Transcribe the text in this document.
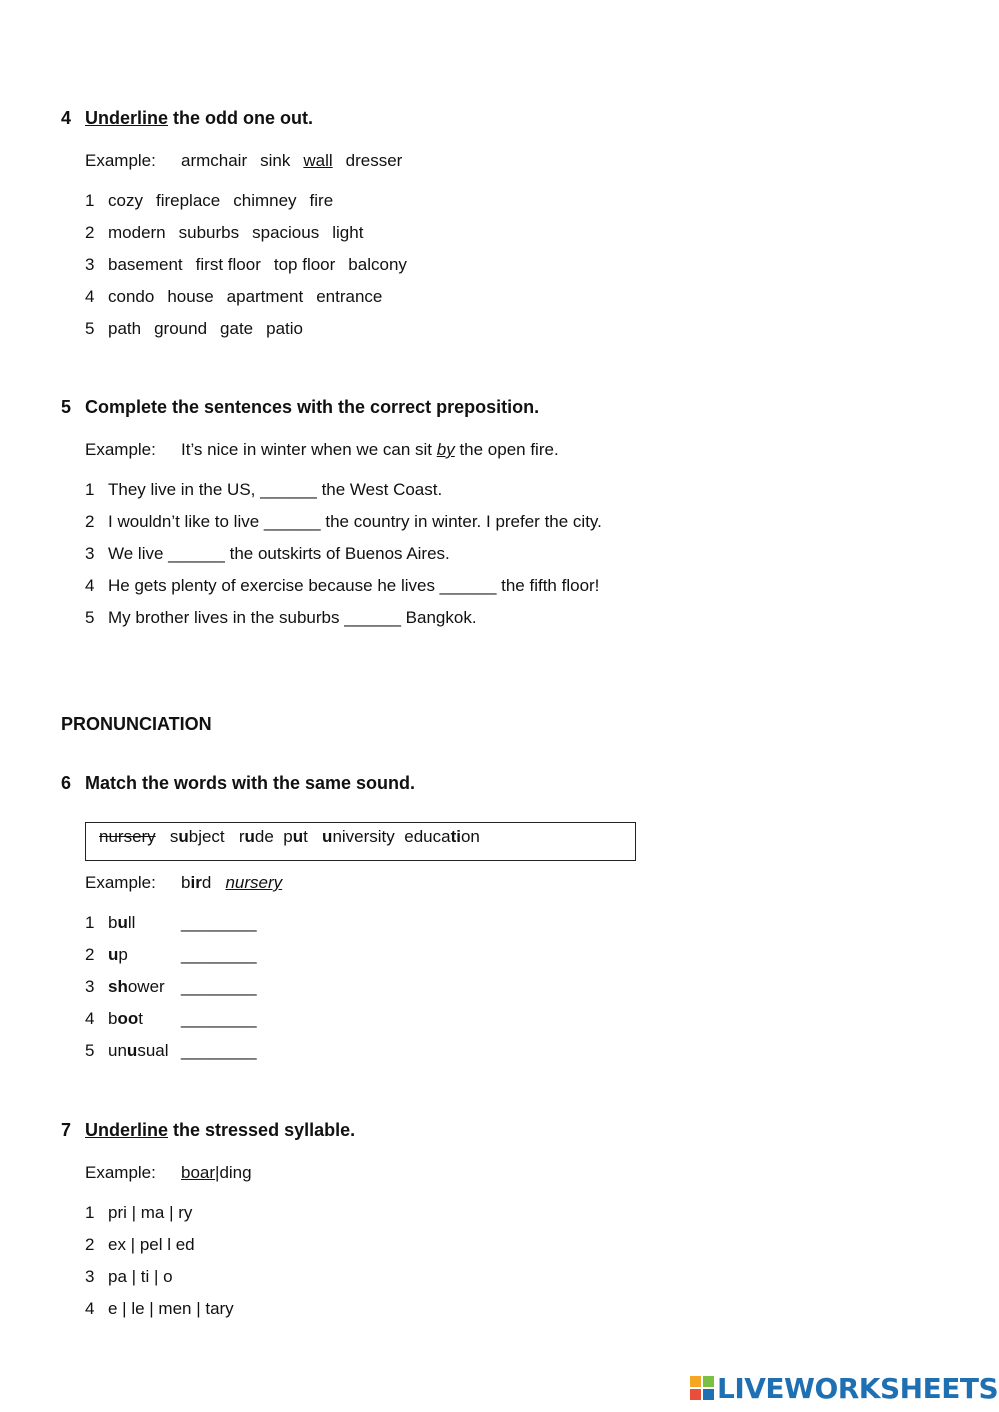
4 Underline the odd one out.
Example: armchair sink wall dresser
1 cozy fireplace chimney fire
2 modern suburbs spacious light
3 basement first floor top floor balcony
4 condo house apartment entrance
5 path ground gate patio
5 Complete the sentences with the correct preposition.
Example: It’s nice in winter when we can sit by the open fire.
1 They live in the US, ______ the West Coast.
2 I wouldn’t like to live ______ the country in winter. I prefer the city.
3 We live ______ the outskirts of Buenos Aires.
4 He gets plenty of exercise because he lives ______ the fifth floor!
5 My brother lives in the suburbs ______ Bangkok.
PRONUNCIATION
6 Match the words with the same sound.
nursery subject rude put university education
Example: bird nursery
1 bull	________
2 up	________
3 shower ________
4 boot ________
5 unusual ________
7 Underline the stressed syllable.
Example: boar|ding
1 pri | ma | ry
2 ex | pel l ed
3 pa | ti | o
4 e | le | men | tary
LIVEWORKSHEETS
